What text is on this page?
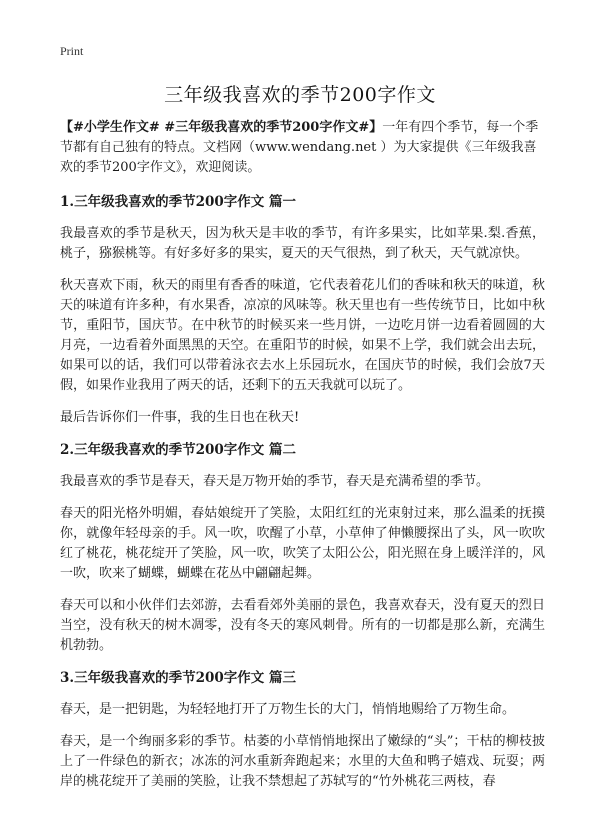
Print
三年级我喜欢的季节200字作文

【#小学生作文# #三年级我喜欢的季节200字作文#】一年有四个季节，每一个季节都有自己独有的特点。文档网（www.wendang.net ）为大家提供《三年级我喜欢的季节200字作文》，欢迎阅读。

1.三年级我喜欢的季节200字作文 篇一

我最喜欢的季节是秋天，因为秋天是丰收的季节，有许多果实，比如苹果.梨.香蕉，桃子，猕猴桃等。有好多好多的果实，夏天的天气很热，到了秋天，天气就凉快。

秋天喜欢下雨，秋天的雨里有香香的味道，它代表着花儿们的香味和秋天的味道，秋天的味道有许多种，有水果香，凉凉的风味等。秋天里也有一些传统节日，比如中秋节，重阳节，国庆节。在中秋节的时候买来一些月饼，一边吃月饼一边看着圆圆的大月亮，一边看着外面黑黑的天空。在重阳节的时候，如果不上学，我们就会出去玩，如果可以的话，我们可以带着泳衣去水上乐园玩水，在国庆节的时候，我们会放7天假，如果作业我用了两天的话，还剩下的五天我就可以玩了。

最后告诉你们一件事，我的生日也在秋天!

2.三年级我喜欢的季节200字作文 篇二

我最喜欢的季节是春天，春天是万物开始的季节，春天是充满希望的季节。

春天的阳光格外明媚，春姑娘绽开了笑脸，太阳红红的光束射过来，那么温柔的抚摸你，就像年轻母亲的手。风一吹，吹醒了小草，小草伸了伸懒腰探出了头，风一吹吹红了桃花，桃花绽开了笑脸，风一吹，吹笑了太阳公公，阳光照在身上暖洋洋的，风一吹，吹来了蝴蝶，蝴蝶在花丛中翩翩起舞。

春天可以和小伙伴们去郊游，去看看郊外美丽的景色，我喜欢春天，没有夏天的烈日当空，没有秋天的树木凋零，没有冬天的寒风刺骨。所有的一切都是那么新，充满生机勃勃。

3.三年级我喜欢的季节200字作文 篇三

春天，是一把钥匙，为轻轻地打开了万物生长的大门，悄悄地赐给了万物生命。

春天，是一个绚丽多彩的季节。枯萎的小草悄悄地探出了嫩绿的“头”；干枯的柳枝披上了一件绿色的新衣；冰冻的河水重新奔跑起来；水里的大鱼和鸭子嬉戏、玩耍；两岸的桃花绽开了美丽的笑脸，让我不禁想起了苏轼写的“竹外桃花三两枝，春
